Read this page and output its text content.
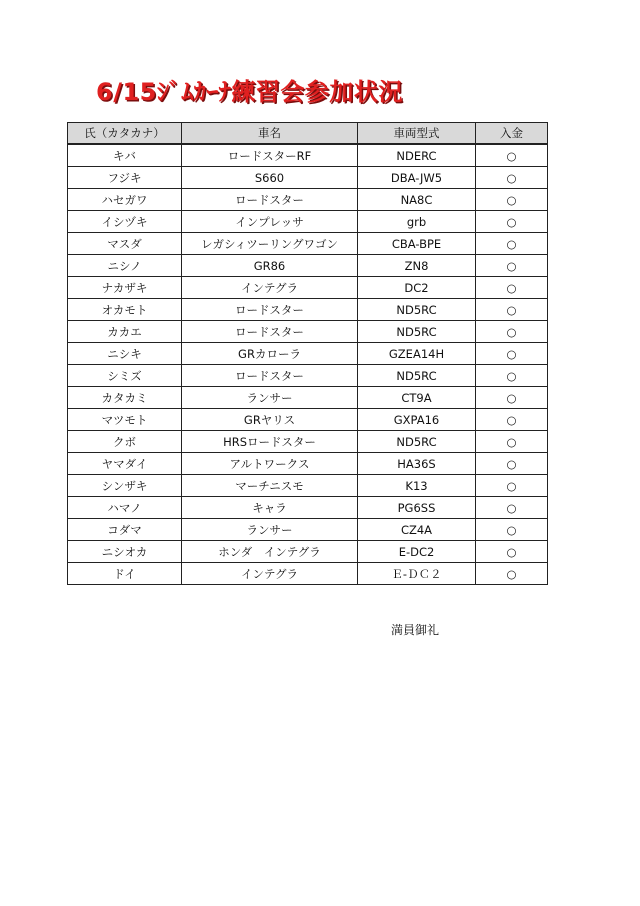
6/15ｼﾞﾑｶｰﾅ練習会参加状況
氏（カタカナ）	車名	車両型式	入金
キバ	ロードスターRF	NDERC	○
フジキ	S660	DBA-JW5	○
ハセガワ	ロードスター	NA8C	○
イシヅキ	インプレッサ	grb	○
マスダ	レガシィツーリングワゴン	CBA-BPE	○
ニシノ	GR86	ZN8	○
ナカザキ	インテグラ	DC2	○
オカモト	ロードスター	ND5RC	○
カカエ	ロードスター	ND5RC	○
ニシキ	GRカローラ	GZEA14H	○
シミズ	ロードスター	ND5RC	○
カタカミ	ランサー	CT9A	○
マツモト	GRヤリス	GXPA16	○
クボ	HRSロードスター	ND5RC	○
ヤマダイ	アルトワークス	HA36S	○
シンザキ	マーチニスモ	K13	○
ハマノ	キャラ	PG6SS	○
コダマ	ランサー	CZ4A	○
ニシオカ	ホンダ　インテグラ	E-DC2	○
ドイ	インテグラ	Ｅ-ＤＣ２	○
満員御礼
